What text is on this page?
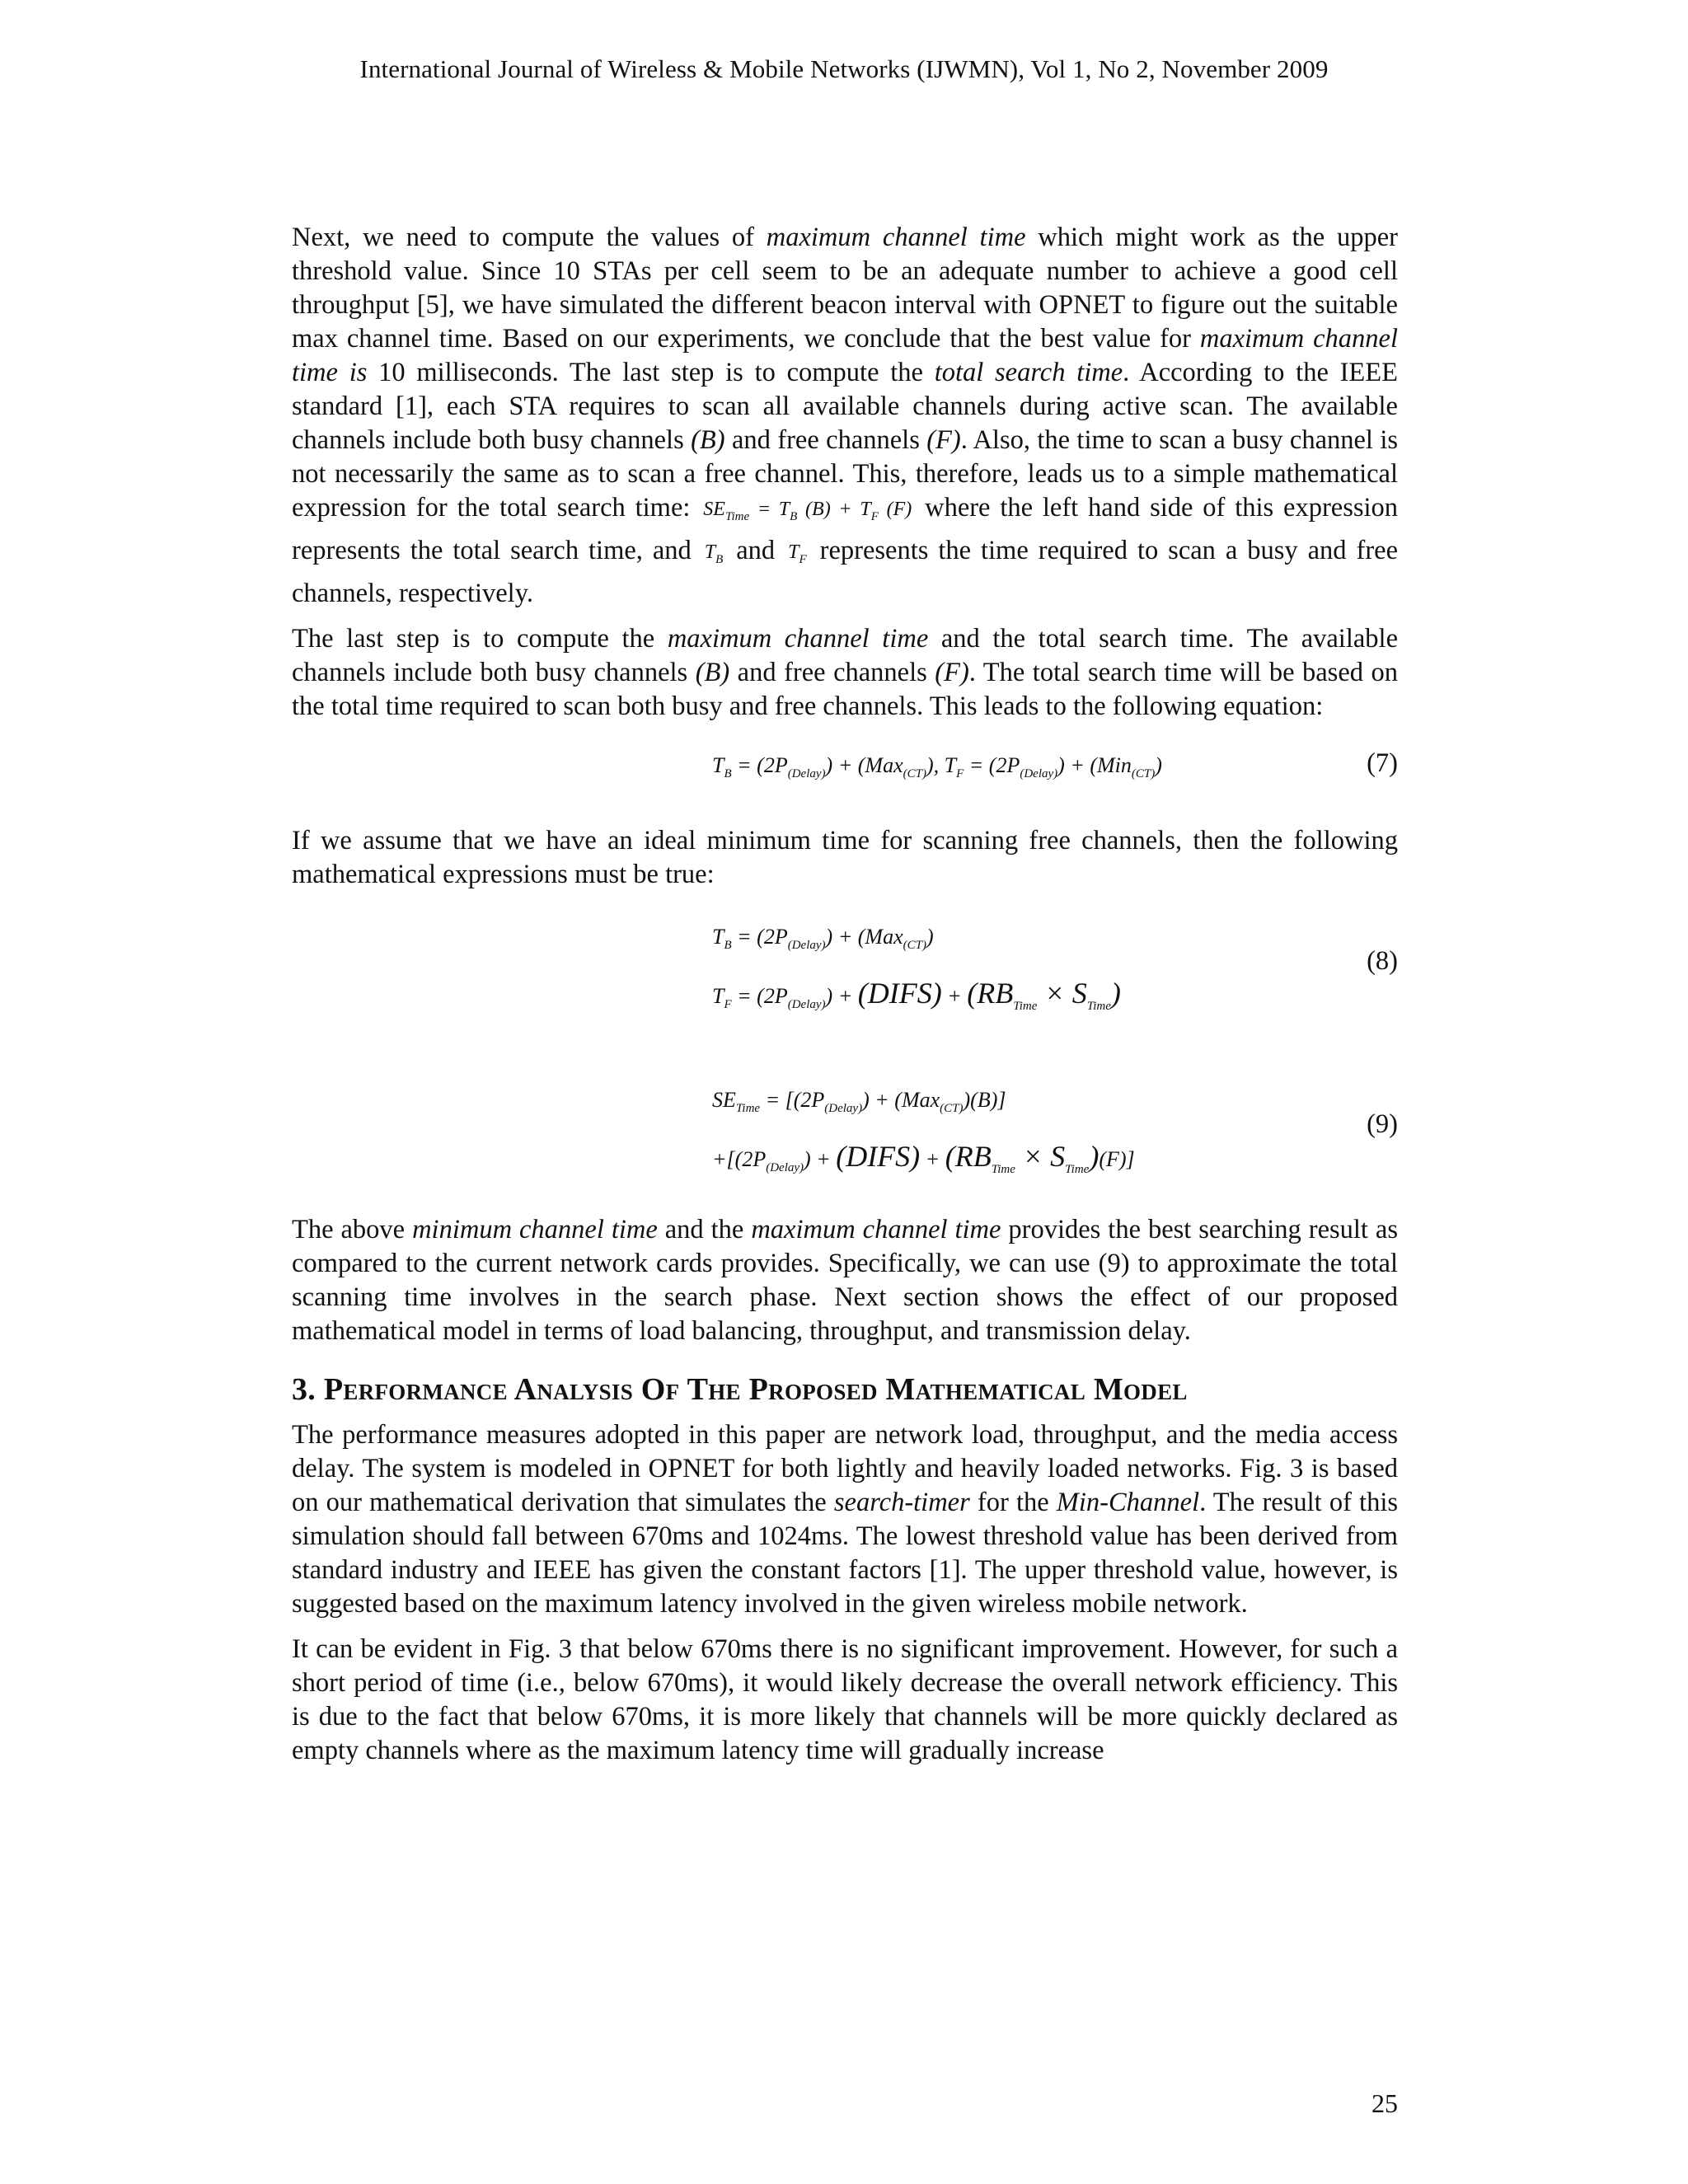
International Journal of Wireless & Mobile Networks (IJWMN), Vol 1, No 2, November 2009

Next, we need to compute the values of maximum channel time which might work as the upper threshold value. Since 10 STAs per cell seem to be an adequate number to achieve a good cell throughput [5], we have simulated the different beacon interval with OPNET to figure out the suitable max channel time. Based on our experiments, we conclude that the best value for maximum channel time is 10 milliseconds. The last step is to compute the total search time. According to the IEEE standard [1], each STA requires to scan all available channels during active scan. The available channels include both busy channels (B) and free channels (F). Also, the time to scan a busy channel is not necessarily the same as to scan a free channel. This, therefore, leads us to a simple mathematical expression for the total search time: $SE_{Time} = T_B$ $(B) + T_F$ (F) where the left hand side of this expression represents the total search time, and $T_B$ and $T_F$ represents the time required to scan a busy and free channels, respectively.

The last step is to compute the maximum channel time and the total search time. The available channels include both busy channels (B) and free channels (F). The total search time will be based on the total time required to scan both busy and free channels. This leads to the following equation:

$T_B = (2P_{(Delay)}) + (Max_{(CT)})$, $T_F = (2P_{(Delay)}) + (Min_{(CT)})$	(7)

If we assume that we have an ideal minimum time for scanning free channels, then the following mathematical expressions must be true:

$T_B = (2P_{(Delay)}) + (Max_{(CT)})$
$T_F = (2P_{(Delay)})$ + (DIFS) + $(RB_{Time} \times S_{Time})$
(8)
$SE_{Time} = [(2P_{(Delay)}) + (Max_{(CT)})(B)]$
$+[(2P_{(Delay)})$ + (DIFS) + $(RB_{Time} \times S_{Time})(F)$]
(9)

The above minimum channel time and the maximum channel time provides the best searching result as compared to the current network cards provides. Specifically, we can use (9) to approximate the total scanning time involves in the search phase. Next section shows the effect of our proposed mathematical model in terms of load balancing, throughput, and transmission delay.

3. Performance Analysis Of The Proposed Mathematical Model

The performance measures adopted in this paper are network load, throughput, and the media access delay. The system is modeled in OPNET for both lightly and heavily loaded networks. Fig. 3 is based on our mathematical derivation that simulates the search-timer for the Min-Channel. The result of this simulation should fall between 670ms and 1024ms. The lowest threshold value has been derived from standard industry and IEEE has given the constant factors [1]. The upper threshold value, however, is suggested based on the maximum latency involved in the given wireless mobile network.

It can be evident in Fig. 3 that below 670ms there is no significant improvement. However, for such a short period of time (i.e., below 670ms), it would likely decrease the overall network efficiency. This is due to the fact that below 670ms, it is more likely that channels will be more quickly declared as empty channels where as the maximum latency time will gradually increase

25
